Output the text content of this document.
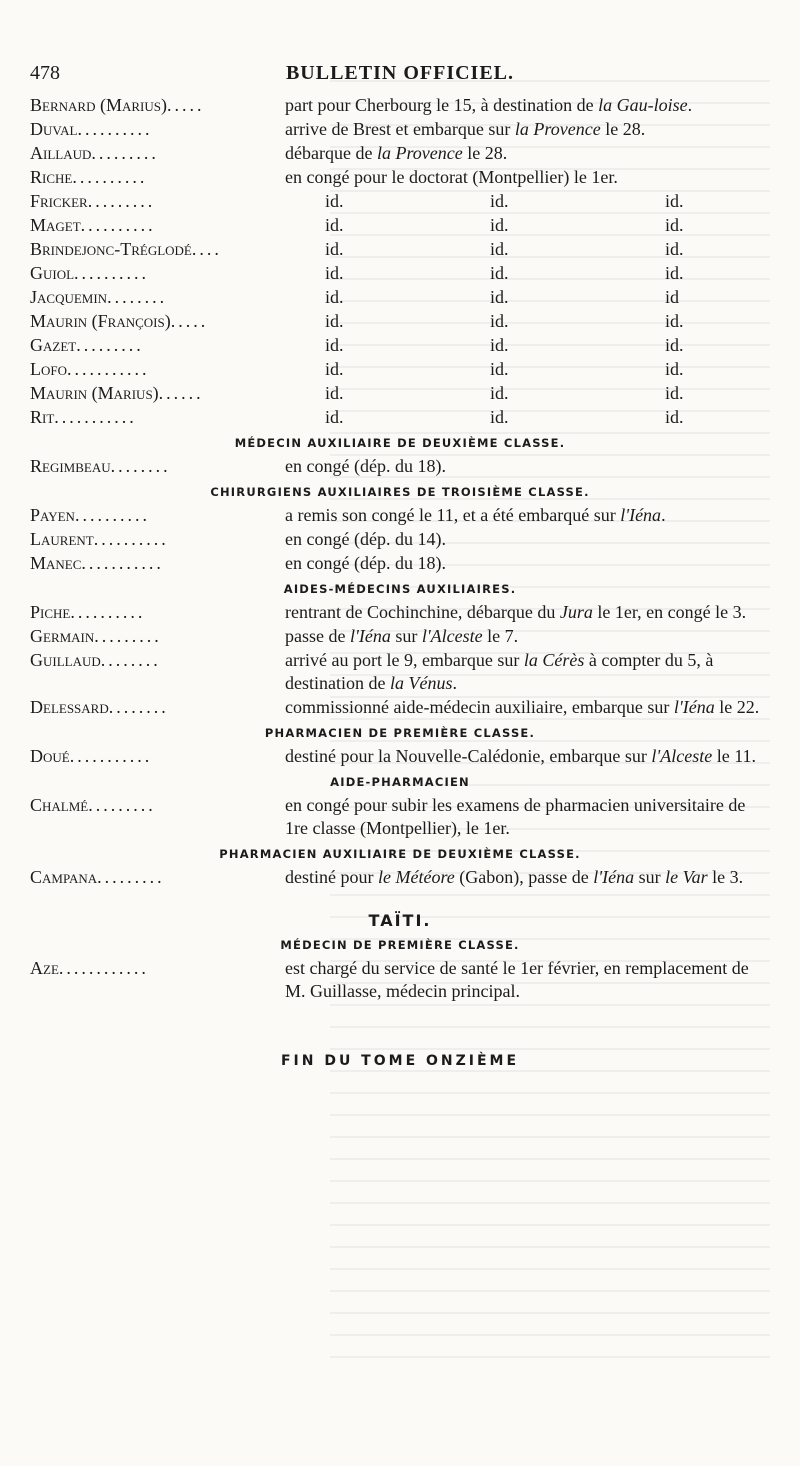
478	BULLETIN OFFICIEL.
Bernard (Marius).....	part pour Cherbourg le 15, à destination de la Gau-loise.
Duval..........	arrive de Brest et embarque sur la Provence le 28.
Aillaud.........	débarque de la Provence le 28.
Riche..........	en congé pour le doctorat (Montpellier) le 1er.
Fricker.........	id.	id.	id.
Maget..........	id.	id.	id.
Brindejonc-Tréglodé....	id.	id.	id.
Guiol..........	id.	id.	id.
Jacquemin........	id.	id.	id
Maurin (François).....	id.	id.	id.
Gazet.........	id.	id.	id.
Lofo...........	id.	id.	id.
Maurin (Marius)......	id.	id.	id.
Rit...........	id.	id.	id.
MÉDECIN AUXILIAIRE DE DEUXIÈME CLASSE.
Regimbeau........	en congé (dép. du 18).
CHIRURGIENS AUXILIAIRES DE TROISIÈME CLASSE.
Payen..........	a remis son congé le 11, et a été embarqué sur l'Iéna.
Laurent..........	en congé (dép. du 14).
Manec...........	en congé (dép. du 18).
AIDES-MÉDECINS AUXILIAIRES.
Piche..........	rentrant de Cochinchine, débarque du Jura le 1er, en congé le 3.
Germain.........	passe de l'Iéna sur l'Alceste le 7.
Guillaud........	arrivé au port le 9, embarque sur la Cérès à compter du 5, à destination de la Vénus.
Delessard........	commissionné aide-médecin auxiliaire, embarque sur l'Iéna le 22.
PHARMACIEN DE PREMIÈRE CLASSE.
Doué...........	destiné pour la Nouvelle-Calédonie, embarque sur l'Alceste le 11.
AIDE-PHARMACIEN
Chalmé.........	en congé pour subir les examens de pharmacien universitaire de 1re classe (Montpellier), le 1er.
PHARMACIEN AUXILIAIRE DE DEUXIÈME CLASSE.
Campana.........	destiné pour le Météore (Gabon), passe de l'Iéna sur le Var le 3.
TAÏTI.
MÉDECIN DE PREMIÈRE CLASSE.
Aze............	est chargé du service de santé le 1er février, en remplacement de M. Guillasse, médecin principal.
FIN DU TOME ONZIÈME
